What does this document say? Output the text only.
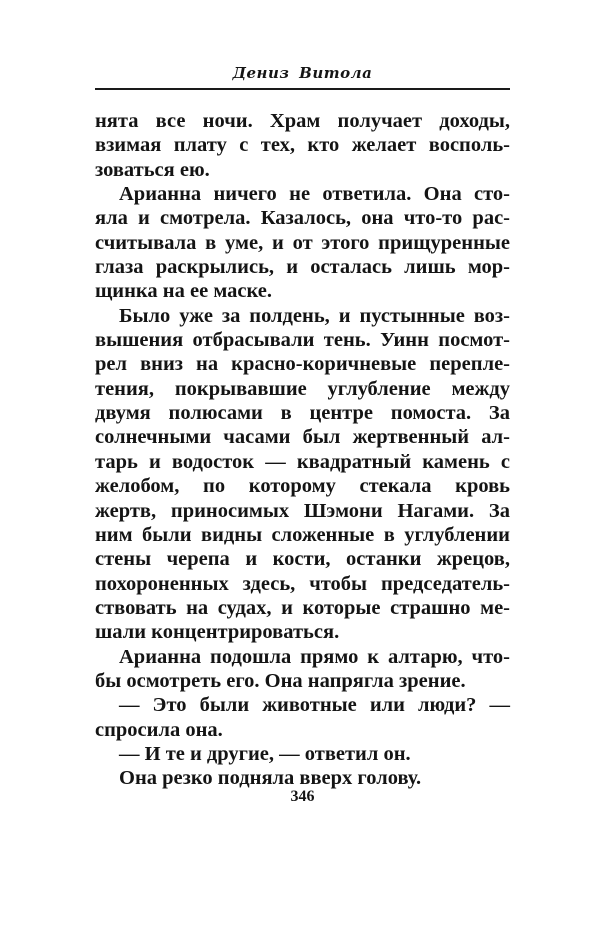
Дениз Витола
нята все ночи. Храм получает доходы,
взимая плату с тех, кто желает восполь-
зоваться ею.
Арианна ничего не ответила. Она сто-
яла и смотрела. Казалось, она что-то рас-
считывала в уме, и от этого прищуренные
глаза раскрылись, и осталась лишь мор-
щинка на ее маске.
Было уже за полдень, и пустынные воз-
вышения отбрасывали тень. Уинн посмот-
рел вниз на красно-коричневые перепле-
тения, покрывавшие углубление между
двумя полюсами в центре помоста. За
солнечными часами был жертвенный ал-
тарь и водосток — квадратный камень с
желобом, по которому стекала кровь
жертв, приносимых Шэмони Нагами. За
ним были видны сложенные в углублении
стены черепа и кости, останки жрецов,
похороненных здесь, чтобы председатель-
ствовать на судах, и которые страшно ме-
шали концентрироваться.
Арианна подошла прямо к алтарю, что-
бы осмотреть его. Она напрягла зрение.
— Это были животные или люди? —
спросила она.
— И те и другие, — ответил он.
Она резко подняла вверх голову.
346
